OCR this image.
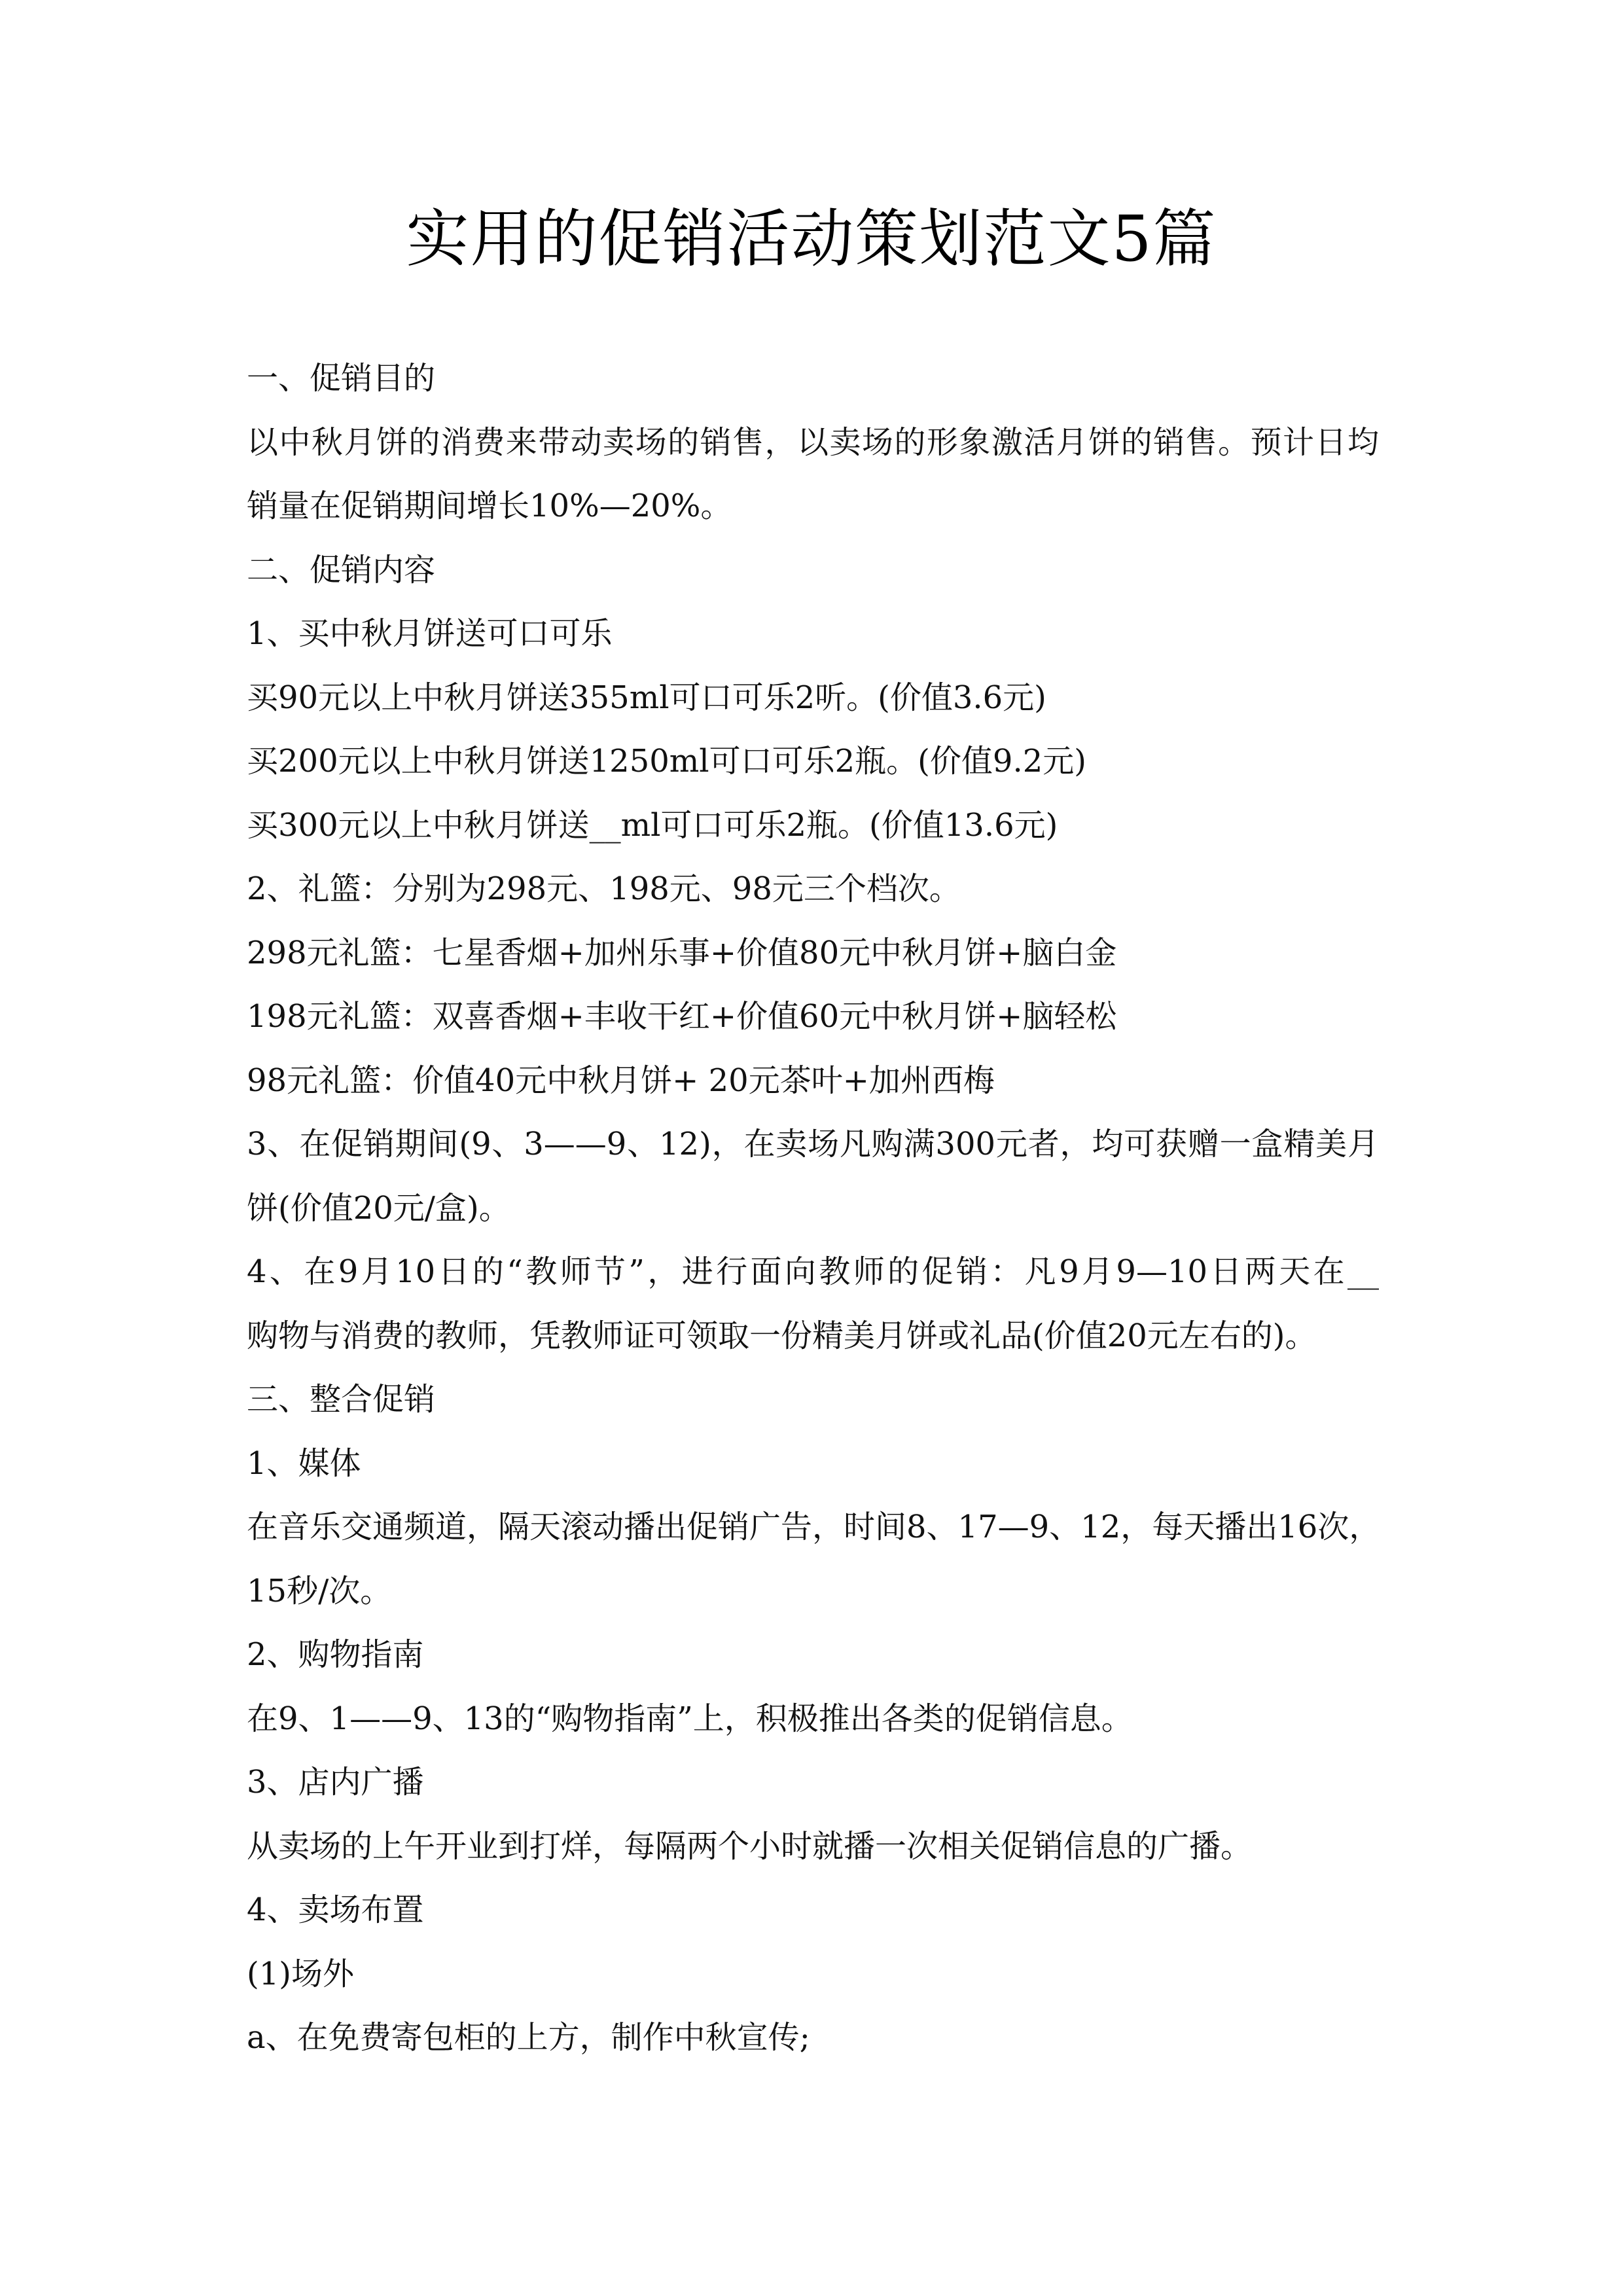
实用的促销活动策划范文5篇
一、促销目的
以中秋月饼的消费来带动卖场的销售，以卖场的形象激活月饼的销售。预计日均
销量在促销期间增长10%—20%。
二、促销内容
1、买中秋月饼送可口可乐
买90元以上中秋月饼送355ml可口可乐2听。(价值3.6元)
买200元以上中秋月饼送1250ml可口可乐2瓶。(价值9.2元)
买300元以上中秋月饼送__ml可口可乐2瓶。(价值13.6元)
2、礼篮：分别为298元、198元、98元三个档次。
298元礼篮：七星香烟+加州乐事+价值80元中秋月饼+脑白金
198元礼篮：双喜香烟+丰收干红+价值60元中秋月饼+脑轻松
98元礼篮：价值40元中秋月饼+ 20元茶叶+加州西梅
3、在促销期间(9、3——9、12)，在卖场凡购满300元者，均可获赠一盒精美月
饼(价值20元/盒)。
4、在9月10日的“教师节”，进行面向教师的促销：凡9月9—10日两天在__
购物与消费的教师，凭教师证可领取一份精美月饼或礼品(价值20元左右的)。
三、整合促销
1、媒体
在音乐交通频道，隔天滚动播出促销广告，时间8、17—9、12，每天播出16次，
15秒/次。
2、购物指南
在9、1——9、13的“购物指南”上，积极推出各类的促销信息。
3、店内广播
从卖场的上午开业到打烊，每隔两个小时就播一次相关促销信息的广播。
4、卖场布置
(1)场外
a、在免费寄包柜的上方，制作中秋宣传;
